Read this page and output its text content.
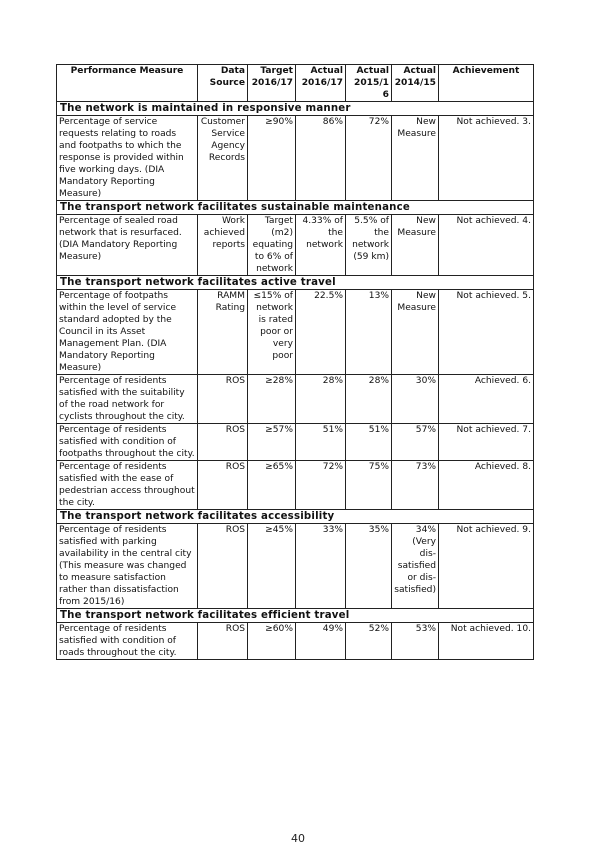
Performance Measure	Data Source	Target 2016/17	Actual 2016/17	Actual 2015/16	Actual 2014/15	Achievement
The network is maintained in responsive manner						
Percentage of service requests relating to roads and footpaths to which the response is provided within five working days. (DIA Mandatory Reporting Measure)	Customer Service Agency Records	≥90%	86%	72%	New Measure	Not achieved. 3.
The transport network facilitates sustainable maintenance						
Percentage of sealed road network that is resurfaced. (DIA Mandatory Reporting Measure)	Work achieved reports	Target (m2) equating to 6% of network	4.33% of the network	5.5% of the network (59 km)	New Measure	Not achieved. 4.
The transport network facilitates active travel						
Percentage of footpaths within the level of service standard adopted by the Council in its Asset Management Plan. (DIA Mandatory Reporting Measure)	RAMM Rating	≤15% of network is rated poor or very poor	22.5%	13%	New Measure	Not achieved. 5.
Percentage of residents satisfied with the suitability of the road network for cyclists throughout the city.	ROS	≥28%	28%	28%	30%	Achieved. 6.
Percentage of residents satisfied with condition of footpaths throughout the city.	ROS	≥57%	51%	51%	57%	Not achieved. 7.
Percentage of residents satisfied with the ease of pedestrian access throughout the city.	ROS	≥65%	72%	75%	73%	Achieved. 8.
The transport network facilitates accessibility						
Percentage of residents satisfied with parking availability in the central city (This measure was changed to measure satisfaction rather than dissatisfaction from 2015/16)	ROS	≥45%	33%	35%	34% (Very dis-satisfied or dis-satisfied)	Not achieved. 9.
The transport network facilitates efficient travel						
Percentage of residents satisfied with condition of roads throughout the city.	ROS	≥60%	49%	52%	53%	Not achieved. 10.
40
